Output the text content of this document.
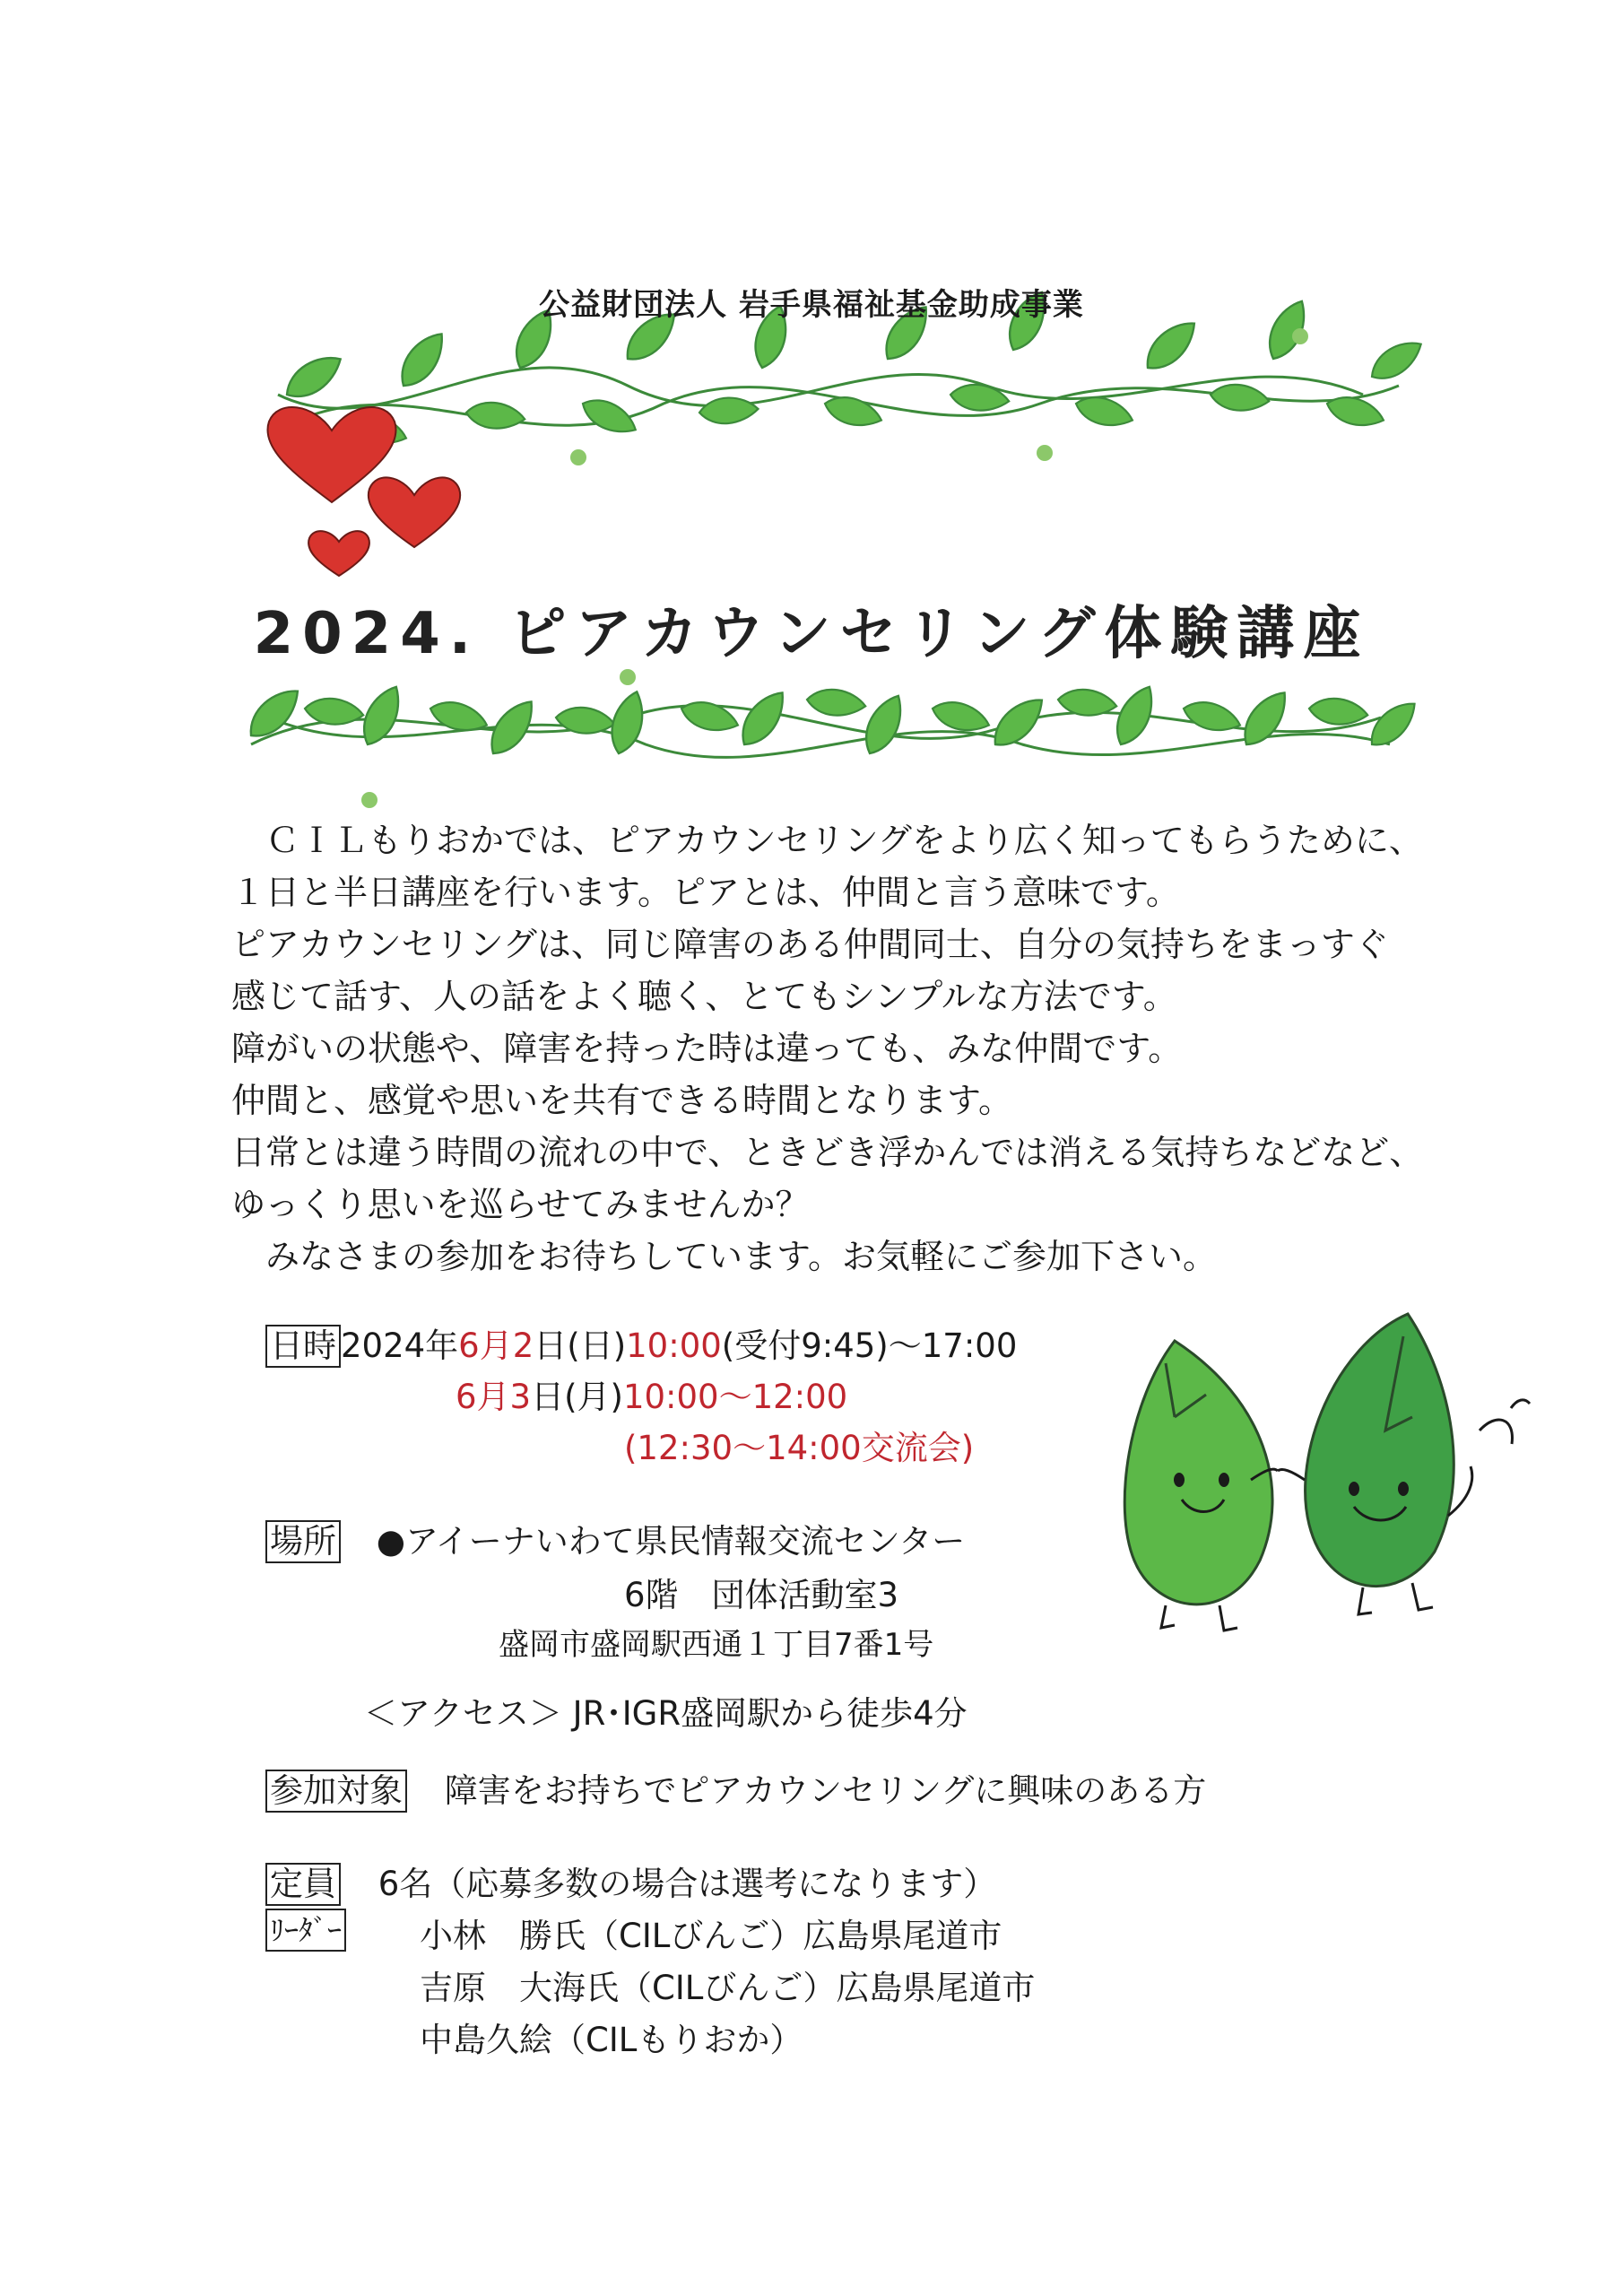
公益財団法人 岩手県福祉基金助成事業
2024. ピアカウンセリング体験講座
　ＣＩＬもりおかでは、ピアカウンセリングをより広く知ってもらうために、
１日と半日講座を行います。ピアとは、仲間と言う意味です。
ピアカウンセリングは、同じ障害のある仲間同士、自分の気持ちをまっすぐ
感じて話す、人の話をよく聴く、とてもシンプルな方法です。
障がいの状態や、障害を持った時は違っても、みな仲間です。
仲間と、感覚や思いを共有できる時間となります。
日常とは違う時間の流れの中で、ときどき浮かんでは消える気持ちなどなど、
ゆっくり思いを巡らせてみませんか？
　みなさまの参加をお待ちしています。お気軽にご参加下さい。
日時 2024年6月2日(日)10:00(受付9:45)～17:00
6月3日(月)10:00～12:00
(12:30～14:00交流会)
場所 ●アイーナいわて県民情報交流センター
6階　団体活動室3
盛岡市盛岡駅西通１丁目7番1号
＜アクセス＞ JR･IGR盛岡駅から徒歩4分
参加対象 障害をお持ちでピアカウンセリングに興味のある方
定員 6名（応募多数の場合は選考になります）
ﾘｰﾀﾞｰ 小林　勝氏（CILびんご）広島県尾道市
吉原　大海氏（CILびんご）広島県尾道市
中島久絵（CILもりおか）
